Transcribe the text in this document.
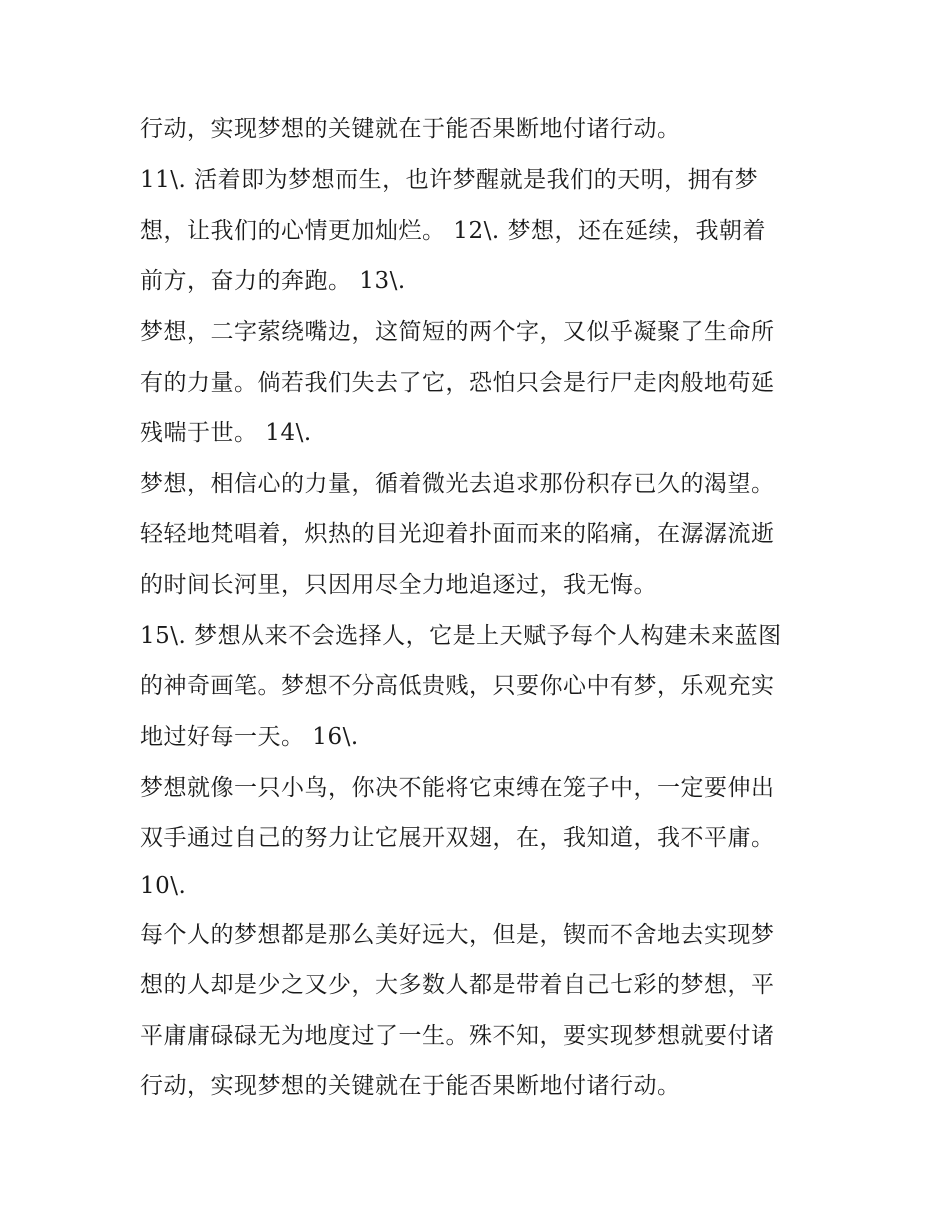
行动，实现梦想的关键就在于能否果断地付诸行动。
11\. 活着即为梦想而生，也许梦醒就是我们的天明，拥有梦
想，让我们的心情更加灿烂。 12\. 梦想，还在延续，我朝着
前方，奋力的奔跑。 13\.
梦想，二字萦绕嘴边，这简短的两个字，又似乎凝聚了生命所
有的力量。倘若我们失去了它，恐怕只会是行尸走肉般地苟延
残喘于世。 14\.
梦想，相信心的力量，循着微光去追求那份积存已久的渴望。
轻轻地梵唱着，炽热的目光迎着扑面而来的陷痛，在潺潺流逝
的时间长河里，只因用尽全力地追逐过，我无悔。
15\. 梦想从来不会选择人，它是上天赋予每个人构建未来蓝图
的神奇画笔。梦想不分高低贵贱，只要你心中有梦，乐观充实
地过好每一天。 16\.
梦想就像一只小鸟，你决不能将它束缚在笼子中，一定要伸出
双手通过自己的努力让它展开双翅，在，我知道，我不平庸。
10\.
每个人的梦想都是那么美好远大，但是，锲而不舍地去实现梦
想的人却是少之又少，大多数人都是带着自己七彩的梦想，平
平庸庸碌碌无为地度过了一生。殊不知，要实现梦想就要付诸
行动，实现梦想的关键就在于能否果断地付诸行动。
